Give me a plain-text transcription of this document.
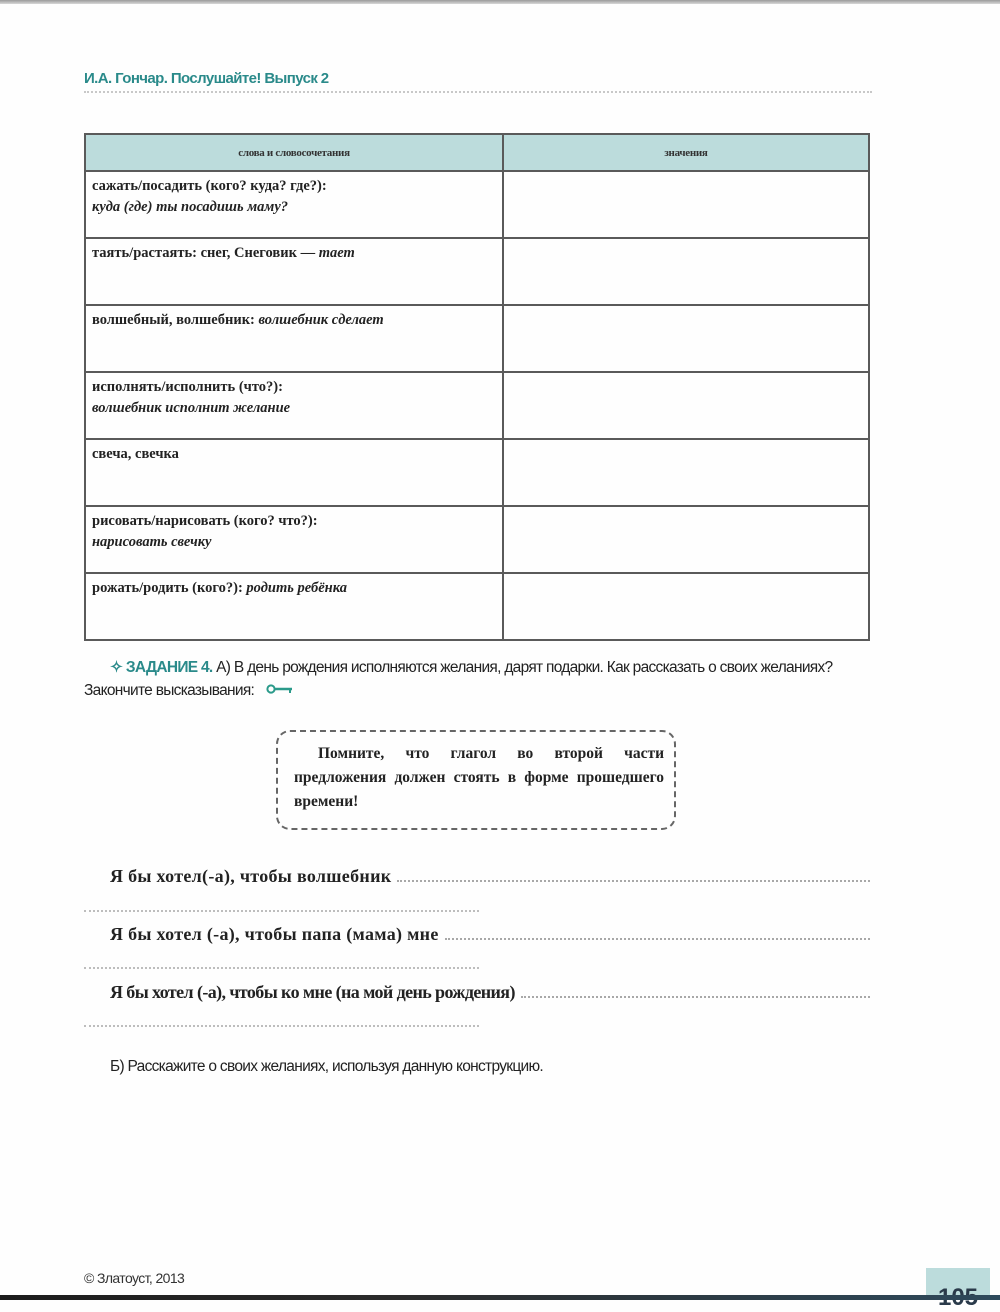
И.А. Гончар. Послушайте! Выпуск 2
слова и словосочетания	значения
сажать/посадить (кого? куда? где?):
куда (где) ты посадишь маму?	

таять/растаять: снег, Снеговик — тает	
волшебный, волшебник: волшебник сделает	
исполнять/исполнить (что?):
волшебник исполнит желание	

свеча, свечка	
рисовать/нарисовать (кого? что?):
нарисовать свечку	

рожать/родить (кого?): родить ребёнка	
✧ ЗАДАНИЕ 4. А) В день рождения исполняются желания, дарят подарки. Как рассказать о своих желаниях? Закончите высказывания:
Помните, что глагол во второй части предложения должен стоять в форме прошедшего времени!
Я бы хотел(-а), чтобы волшебник
Я бы хотел (-а), чтобы папа (мама) мне
Я бы хотел (-а), чтобы ко мне (на мой день рождения)
Б) Расскажите о своих желаниях, используя данную конструкцию.
© Златоуст, 2013
